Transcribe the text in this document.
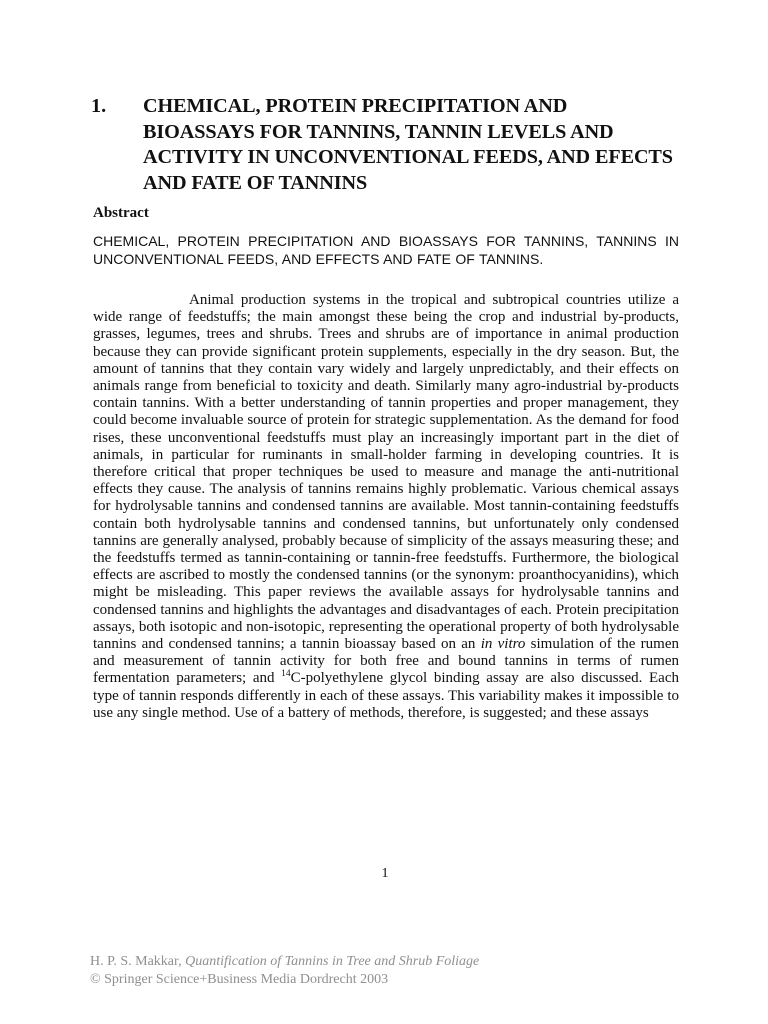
1.	CHEMICAL, PROTEIN PRECIPITATION AND BIOASSAYS FOR TANNINS, TANNIN LEVELS AND ACTIVITY IN UNCONVENTIONAL FEEDS, AND EFECTS AND FATE OF TANNINS
Abstract
CHEMICAL, PROTEIN PRECIPITATION AND BIOASSAYS FOR TANNINS, TANNINS IN UNCONVENTIONAL FEEDS, AND EFFECTS AND FATE OF TANNINS.

Animal production systems in the tropical and subtropical countries utilize a wide range of feedstuffs; the main amongst these being the crop and industrial by-products, grasses, legumes, trees and shrubs. Trees and shrubs are of importance in animal production because they can provide significant protein supplements, especially in the dry season. But, the amount of tannins that they contain vary widely and largely unpredictably, and their effects on animals range from beneficial to toxicity and death. Similarly many agro-industrial by-products contain tannins. With a better understanding of tannin properties and proper management, they could become invaluable source of protein for strategic supplementation. As the demand for food rises, these unconventional feedstuffs must play an increasingly important part in the diet of animals, in particular for ruminants in small-holder farming in developing countries. It is therefore critical that proper techniques be used to measure and manage the anti-nutritional effects they cause. The analysis of tannins remains highly problematic. Various chemical assays for hydrolysable tannins and condensed tannins are available. Most tannin-containing feedstuffs contain both hydrolysable tannins and condensed tannins, but unfortunately only condensed tannins are generally analysed, probably because of simplicity of the assays measuring these; and the feedstuffs termed as tannin-containing or tannin-free feedstuffs. Furthermore, the biological effects are ascribed to mostly the condensed tannins (or the synonym: proanthocyanidins), which might be misleading. This paper reviews the available assays for hydrolysable tannins and condensed tannins and highlights the advantages and disadvantages of each. Protein precipitation assays, both isotopic and non-isotopic, representing the operational property of both hydrolysable tannins and condensed tannins; a tannin bioassay based on an in vitro simulation of the rumen and measurement of tannin activity for both free and bound tannins in terms of rumen fermentation parameters; and $^{14}$C-polyethylene glycol binding assay are also discussed. Each type of tannin responds differently in each of these assays. This variability makes it impossible to use any single method. Use of a battery of methods, therefore, is suggested; and these assays

1
H. P. S. Makkar, Quantification of Tannins in Tree and Shrub Foliage
© Springer Science+Business Media Dordrecht 2003
